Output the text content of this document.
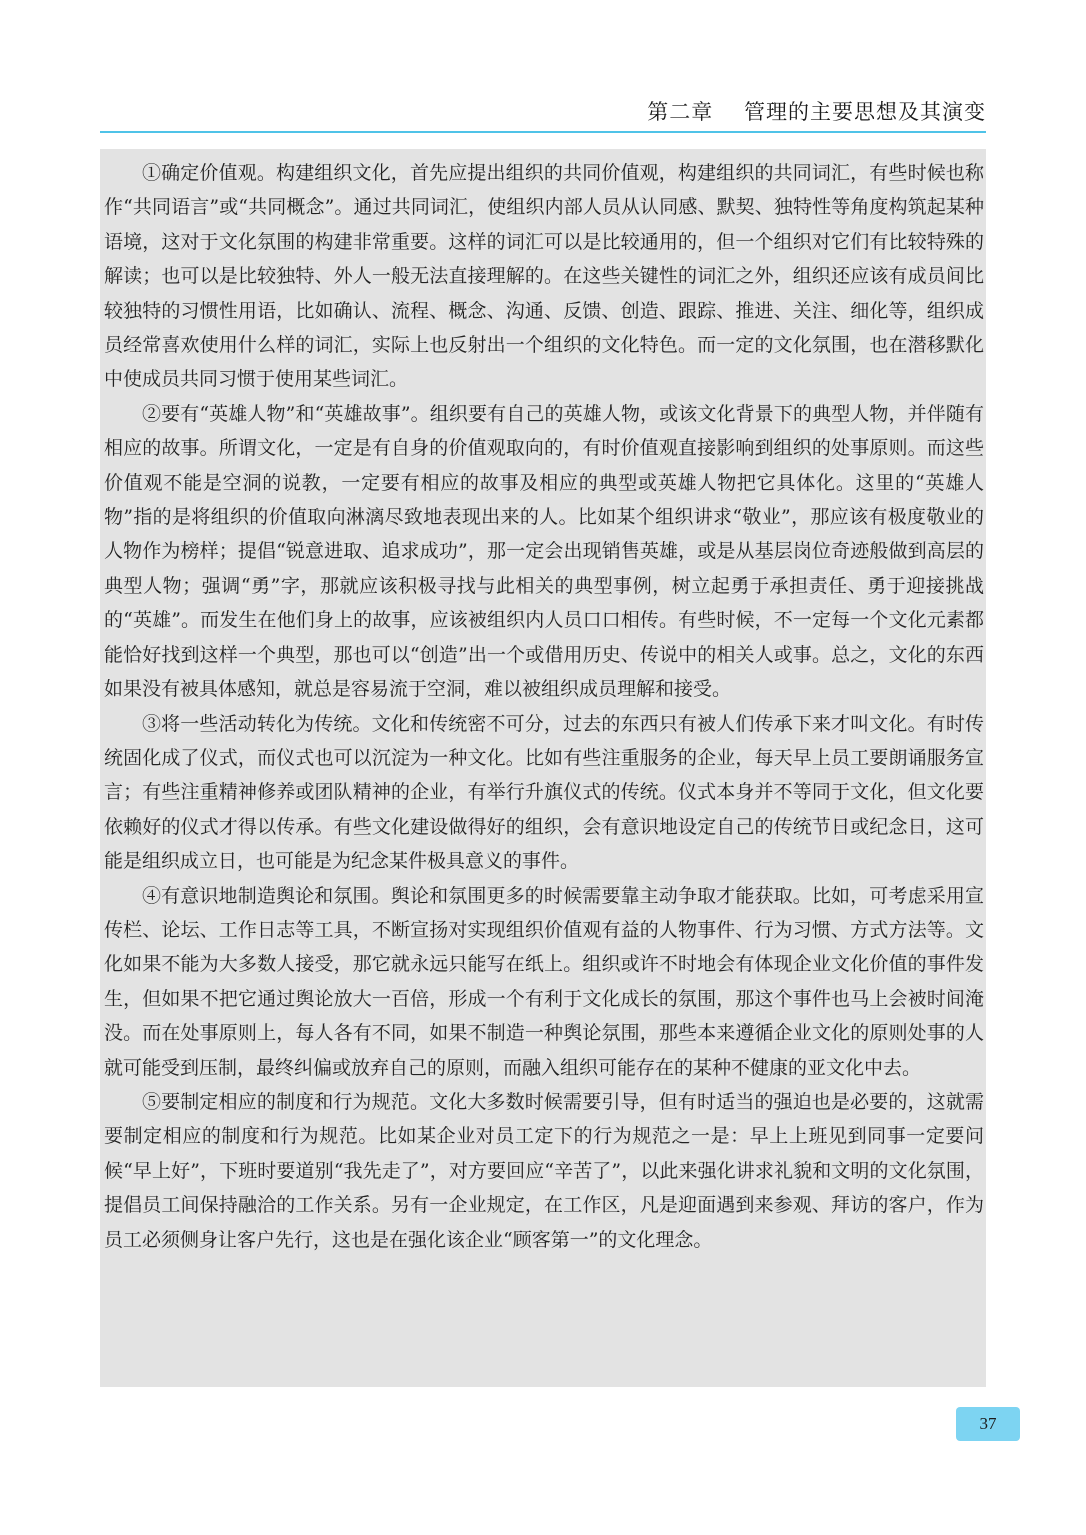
第二章    管理的主要思想及其演变

①确定价值观。构建组织文化，首先应提出组织的共同价值观，构建组织的共同词汇，有些时候也称作“共同语言”或“共同概念”。通过共同词汇，使组织内部人员从认同感、默契、独特性等角度构筑起某种语境，这对于文化氛围的构建非常重要。这样的词汇可以是比较通用的，但一个组织对它们有比较特殊的解读；也可以是比较独特、外人一般无法直接理解的。在这些关键性的词汇之外，组织还应该有成员间比较独特的习惯性用语，比如确认、流程、概念、沟通、反馈、创造、跟踪、推进、关注、细化等，组织成员经常喜欢使用什么样的词汇，实际上也反射出一个组织的文化特色。而一定的文化氛围，也在潜移默化中使成员共同习惯于使用某些词汇。

②要有“英雄人物”和“英雄故事”。组织要有自己的英雄人物，或该文化背景下的典型人物，并伴随有相应的故事。所谓文化，一定是有自身的价值观取向的，有时价值观直接影响到组织的处事原则。而这些价值观不能是空洞的说教，一定要有相应的故事及相应的典型或英雄人物把它具体化。这里的“英雄人物”指的是将组织的价值取向淋漓尽致地表现出来的人。比如某个组织讲求“敬业”，那应该有极度敬业的人物作为榜样；提倡“锐意进取、追求成功”，那一定会出现销售英雄，或是从基层岗位奇迹般做到高层的典型人物；强调“勇”字，那就应该积极寻找与此相关的典型事例，树立起勇于承担责任、勇于迎接挑战的“英雄”。而发生在他们身上的故事，应该被组织内人员口口相传。有些时候，不一定每一个文化元素都能恰好找到这样一个典型，那也可以“创造”出一个或借用历史、传说中的相关人或事。总之，文化的东西如果没有被具体感知，就总是容易流于空洞，难以被组织成员理解和接受。

③将一些活动转化为传统。文化和传统密不可分，过去的东西只有被人们传承下来才叫文化。有时传统固化成了仪式，而仪式也可以沉淀为一种文化。比如有些注重服务的企业，每天早上员工要朗诵服务宣言；有些注重精神修养或团队精神的企业，有举行升旗仪式的传统。仪式本身并不等同于文化，但文化要依赖好的仪式才得以传承。有些文化建设做得好的组织，会有意识地设定自己的传统节日或纪念日，这可能是组织成立日，也可能是为纪念某件极具意义的事件。

④有意识地制造舆论和氛围。舆论和氛围更多的时候需要靠主动争取才能获取。比如，可考虑采用宣传栏、论坛、工作日志等工具，不断宣扬对实现组织价值观有益的人物事件、行为习惯、方式方法等。文化如果不能为大多数人接受，那它就永远只能写在纸上。组织或许不时地会有体现企业文化价值的事件发生，但如果不把它通过舆论放大一百倍，形成一个有利于文化成长的氛围，那这个事件也马上会被时间淹没。而在处事原则上，每人各有不同，如果不制造一种舆论氛围，那些本来遵循企业文化的原则处事的人就可能受到压制，最终纠偏或放弃自己的原则，而融入组织可能存在的某种不健康的亚文化中去。

⑤要制定相应的制度和行为规范。文化大多数时候需要引导，但有时适当的强迫也是必要的，这就需要制定相应的制度和行为规范。比如某企业对员工定下的行为规范之一是：早上上班见到同事一定要问候“早上好”，下班时要道别“我先走了”，对方要回应“辛苦了”，以此来强化讲求礼貌和文明的文化氛围，提倡员工间保持融洽的工作关系。另有一企业规定，在工作区，凡是迎面遇到来参观、拜访的客户，作为员工必须侧身让客户先行，这也是在强化该企业“顾客第一”的文化理念。

37
